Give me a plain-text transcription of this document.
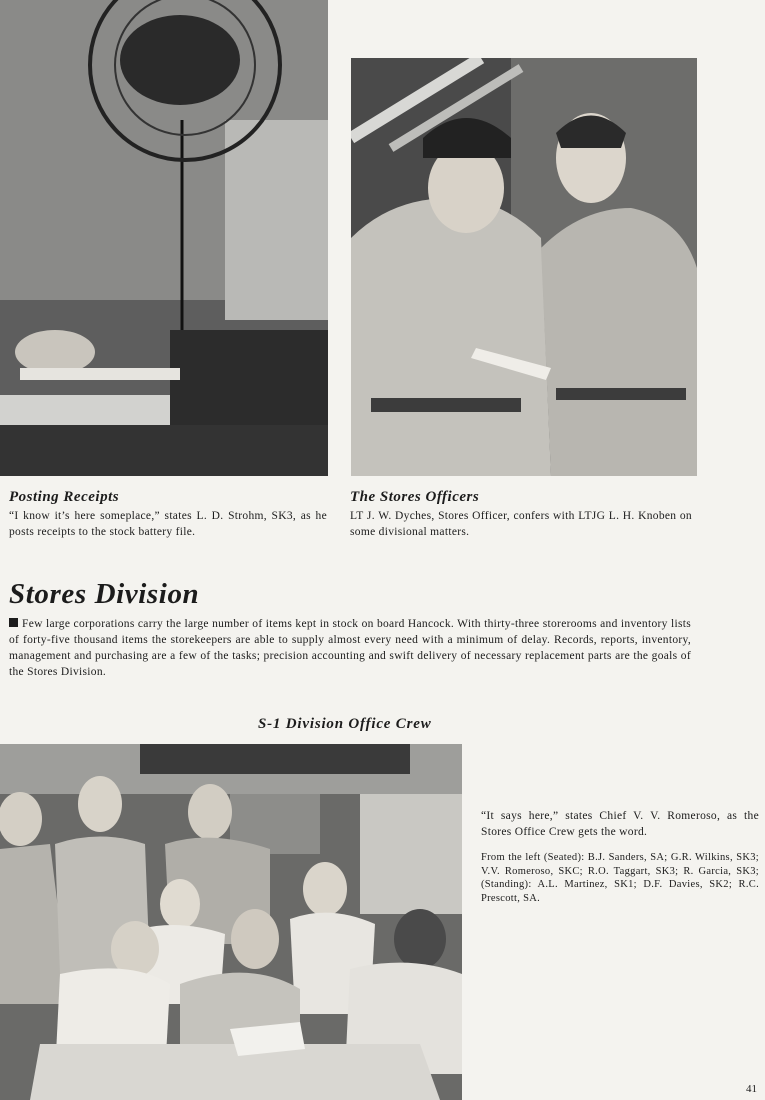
Posting Receipts

“I know it’s here someplace,” states L. D. Strohm, SK3, as he posts receipts to the stock battery file.

The Stores Officers

LT J. W. Dyches, Stores Officer, confers with LTJG L. H. Knoben on some divisional matters.

Stores Division

Few large corporations carry the large number of items kept in stock on board Hancock. With thirty-three storerooms and inventory lists of forty-five thousand items the storekeepers are able to supply almost every need with a minimum of delay. Records, reports, inventory, management and purchasing are a few of the tasks; precision accounting and swift delivery of necessary replacement parts are the goals of the Stores Division.

S-1 Division Office Crew

“It says here,” states Chief V. V. Romeroso, as the Stores Office Crew gets the word.

From the left (Seated): B.J. Sanders, SA; G.R. Wilkins, SK3; V.V. Romeroso, SKC; R.O. Taggart, SK3; R. Garcia, SK3; (Standing): A.L. Martinez, SK1; D.F. Davies, SK2; R.C. Prescott, SA.

41
